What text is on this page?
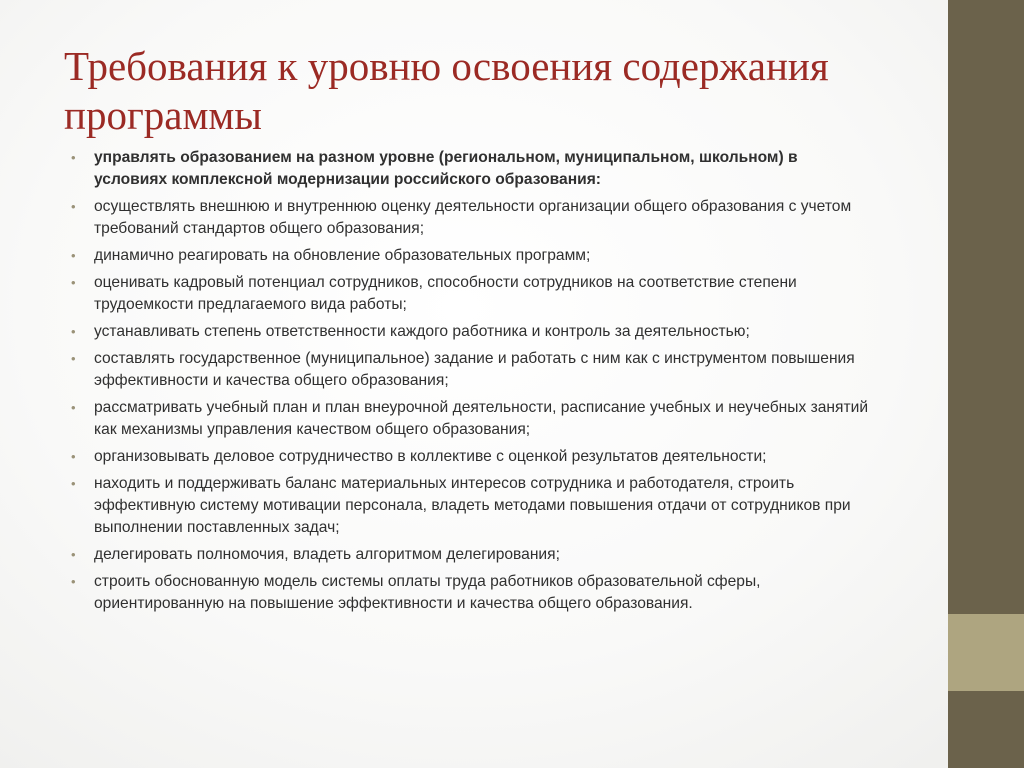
Требования к уровню освоения содержания программы
• управлять образованием на разном уровне (региональном, муниципальном, школьном) в условиях комплексной модернизации российского образования:
• осуществлять внешнюю и внутреннюю оценку деятельности организации общего образования с учетом требований стандартов общего образования;
• динамично реагировать на обновление образовательных программ;
• оценивать кадровый потенциал сотрудников, способности сотрудников на соответствие степени трудоемкости предлагаемого вида работы;
• устанавливать степень ответственности каждого работника и контроль за деятельностью;
• составлять государственное (муниципальное) задание и работать с ним как с инструментом повышения эффективности и качества общего образования;
• рассматривать учебный план и план внеурочной деятельности, расписание учебных и неучебных занятий как механизмы управления качеством общего образования;
• организовывать деловое сотрудничество в коллективе с оценкой результатов деятельности;
• находить и поддерживать баланс материальных интересов сотрудника и работодателя, строить эффективную систему мотивации персонала, владеть методами повышения отдачи от сотрудников при выполнении поставленных задач;
• делегировать полномочия, владеть алгоритмом делегирования;
• строить обоснованную модель системы оплаты труда работников образовательной сферы, ориентированную на повышение эффективности и качества общего образования.
